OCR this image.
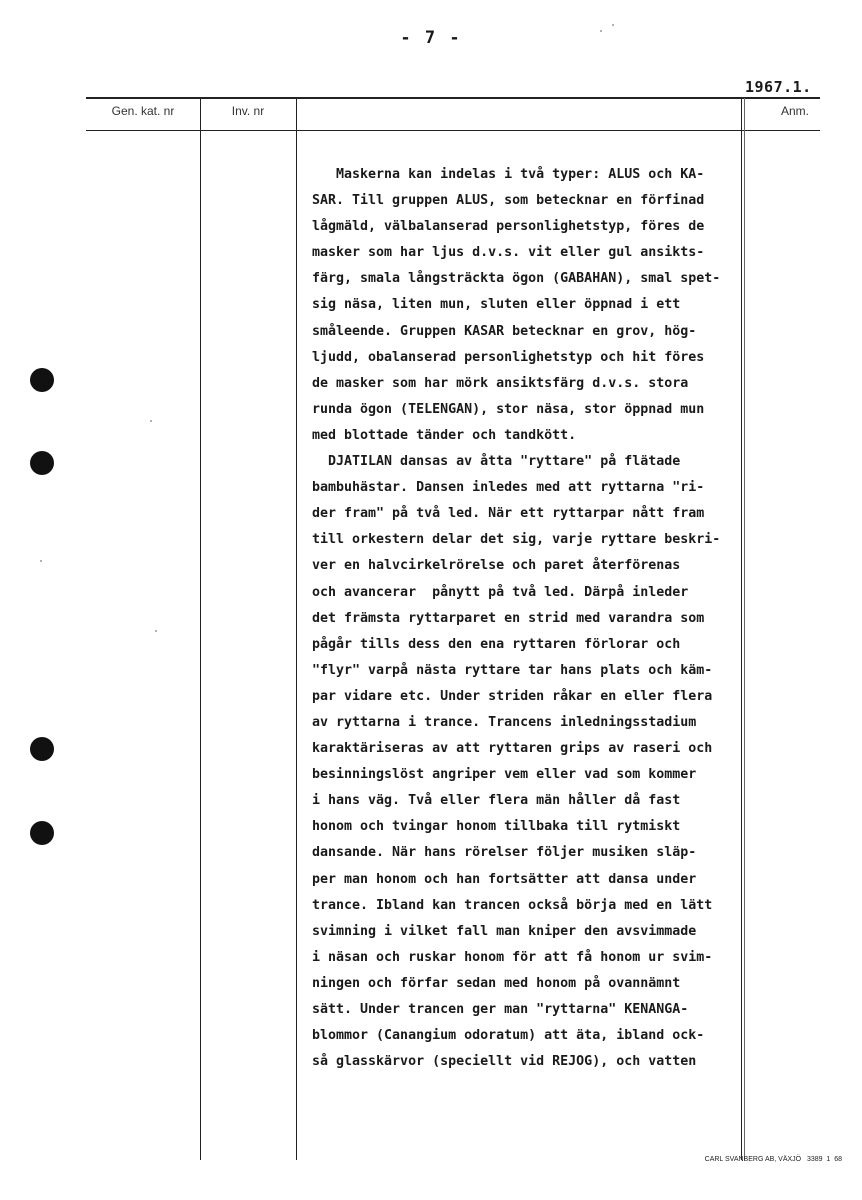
- 7 -
1967.1.
Gen. kat. nr	Inv. nr	Anm.
Maskerna kan indelas i två typer: ALUS och KA-
SAR. Till gruppen ALUS, som betecknar en förfinad
lågmäld, välbalanserad personlighetstyp, föres de
masker som har ljus d.v.s. vit eller gul ansikts-
färg, smala långsträckta ögon (GABAHAN), smal spet-
sig näsa, liten mun, sluten eller öppnad i ett
småleende. Gruppen KASAR betecknar en grov, hög-
ljudd, obalanserad personlighetstyp och hit föres
de masker som har mörk ansiktsfärg d.v.s. stora
runda ögon (TELENGAN), stor näsa, stor öppnad mun
med blottade tänder och tandkött.
DJATILAN dansas av åtta "ryttare" på flätade
bambuhästar. Dansen inledes med att ryttarna "ri-
der fram" på två led. När ett ryttarpar nått fram
till orkestern delar det sig, varje ryttare beskri-
ver en halvcirkelrörelse och paret återförenas
och avancerar  pånytt på två led. Därpå inleder
det främsta ryttarparet en strid med varandra som
pågår tills dess den ena ryttaren förlorar och
"flyr" varpå nästa ryttare tar hans plats och käm-
par vidare etc. Under striden råkar en eller flera
av ryttarna i trance. Trancens inledningsstadium
karaktäriseras av att ryttaren grips av raseri och
besinningslöst angriper vem eller vad som kommer
i hans väg. Två eller flera män håller då fast
honom och tvingar honom tillbaka till rytmiskt
dansande. När hans rörelser följer musiken släp-
per man honom och han fortsätter att dansa under
trance. Ibland kan trancen också börja med en lätt
svimning i vilket fall man kniper den avsvimmade
i näsan och ruskar honom för att få honom ur svim-
ningen och förfar sedan med honom på ovannämnt
sätt. Under trancen ger man "ryttarna" KENANGA-
blommor (Canangium odoratum) att äta, ibland ock-
så glasskärvor (speciellt vid REJOG), och vatten
CARL SVANBERG AB, VÄXJÖ   3389  1  68
